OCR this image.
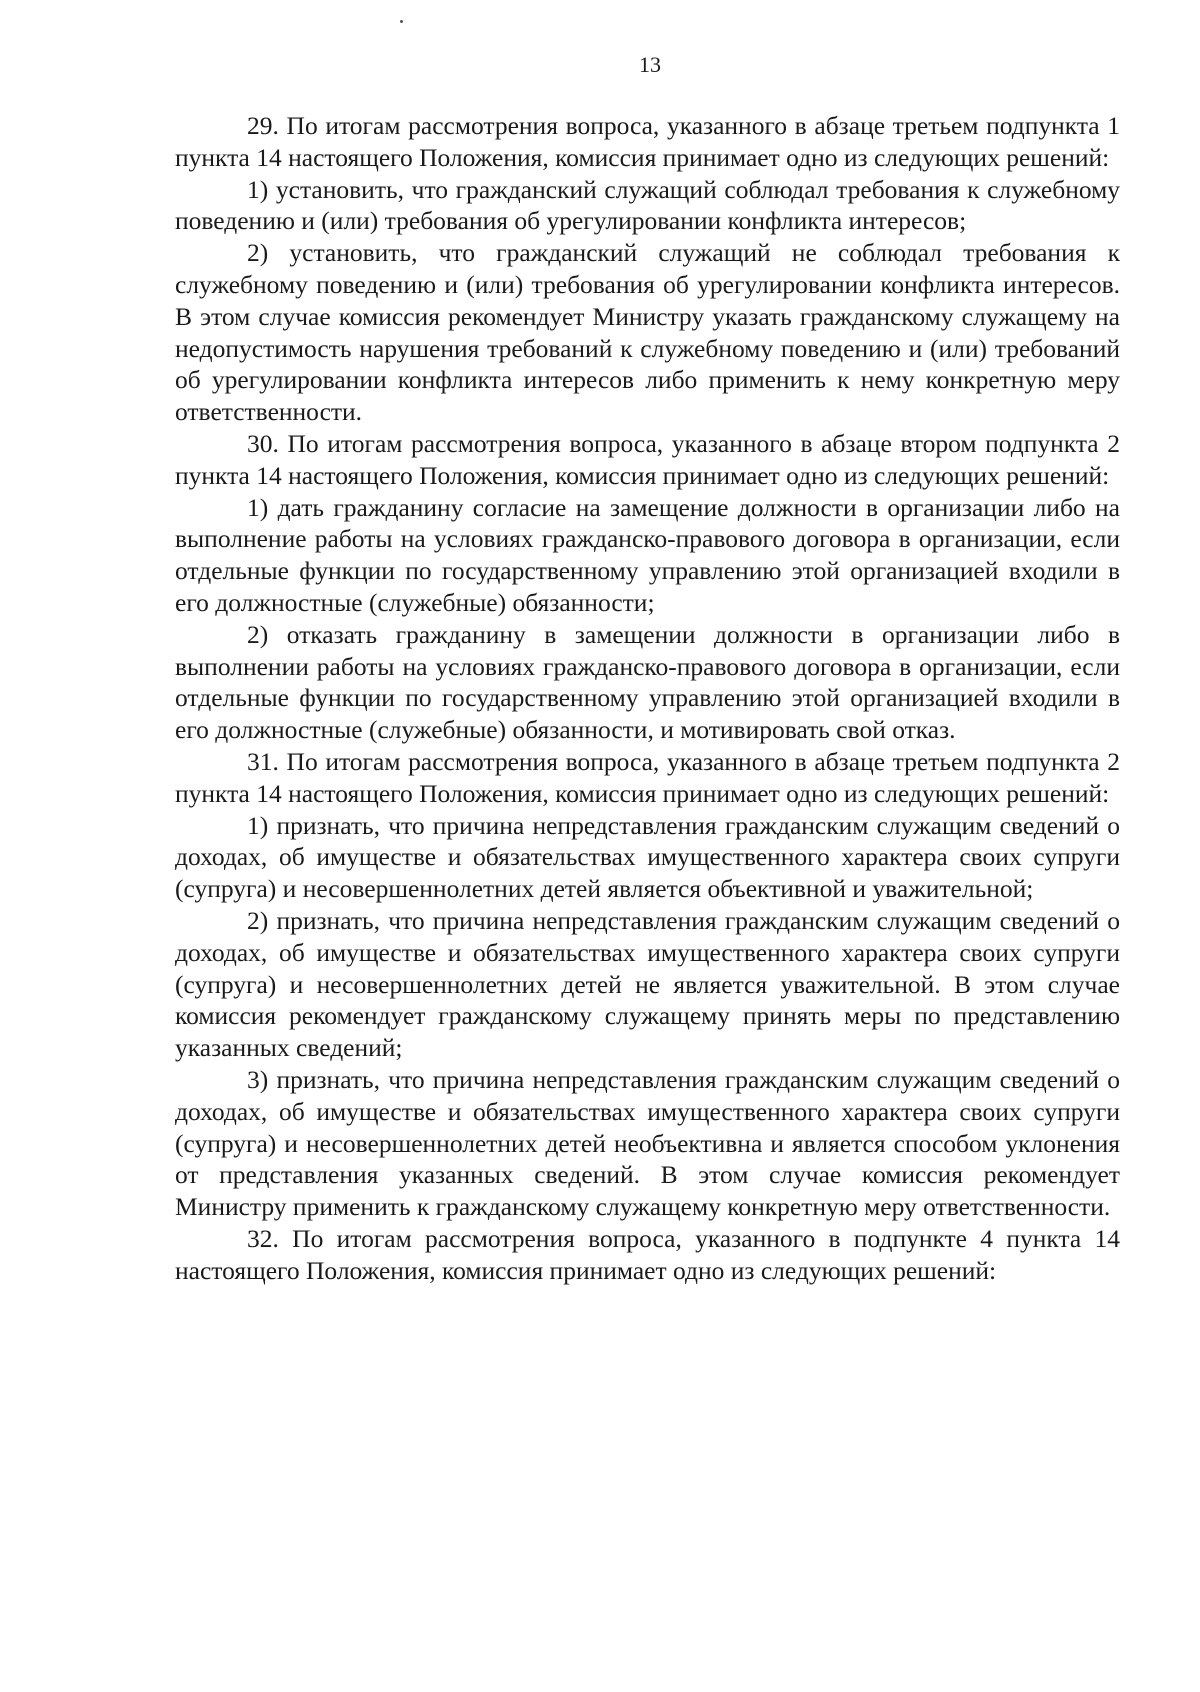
13

29. По итогам рассмотрения вопроса, указанного в абзаце третьем подпункта 1 пункта 14 настоящего Положения, комиссия принимает одно из следующих решений:

1) установить, что гражданский служащий соблюдал требования к служебному поведению и (или) требования об урегулировании конфликта интересов;

2) установить, что гражданский служащий не соблюдал требования к служебному поведению и (или) требования об урегулировании конфликта интересов. В этом случае комиссия рекомендует Министру указать гражданскому служащему на недопустимость нарушения требований к служебному поведению и (или) требований об урегулировании конфликта интересов либо применить к нему конкретную меру ответственности.

30. По итогам рассмотрения вопроса, указанного в абзаце втором подпункта 2 пункта 14 настоящего Положения, комиссия принимает одно из следующих решений:

1) дать гражданину согласие на замещение должности в организации либо на выполнение работы на условиях гражданско-правового договора в организации, если отдельные функции по государственному управлению этой организацией входили в его должностные (служебные) обязанности;

2) отказать гражданину в замещении должности в организации либо в выполнении работы на условиях гражданско-правового договора в организации, если отдельные функции по государственному управлению этой организацией входили в его должностные (служебные) обязанности, и мотивировать свой отказ.

31. По итогам рассмотрения вопроса, указанного в абзаце третьем подпункта 2 пункта 14 настоящего Положения, комиссия принимает одно из следующих решений:

1) признать, что причина непредставления гражданским служащим сведений о доходах, об имуществе и обязательствах имущественного характера своих супруги (супруга) и несовершеннолетних детей является объективной и уважительной;

2) признать, что причина непредставления гражданским служащим сведений о доходах, об имуществе и обязательствах имущественного характера своих супруги (супруга) и несовершеннолетних детей не является уважительной. В этом случае комиссия рекомендует гражданскому служащему принять меры по представлению указанных сведений;

3) признать, что причина непредставления гражданским служащим сведений о доходах, об имуществе и обязательствах имущественного характера своих супруги (супруга) и несовершеннолетних детей необъективна и является способом уклонения от представления указанных сведений. В этом случае комиссия рекомендует Министру применить к гражданскому служащему конкретную меру ответственности.

32. По итогам рассмотрения вопроса, указанного в подпункте 4 пункта 14 настоящего Положения, комиссия принимает одно из следующих решений:
